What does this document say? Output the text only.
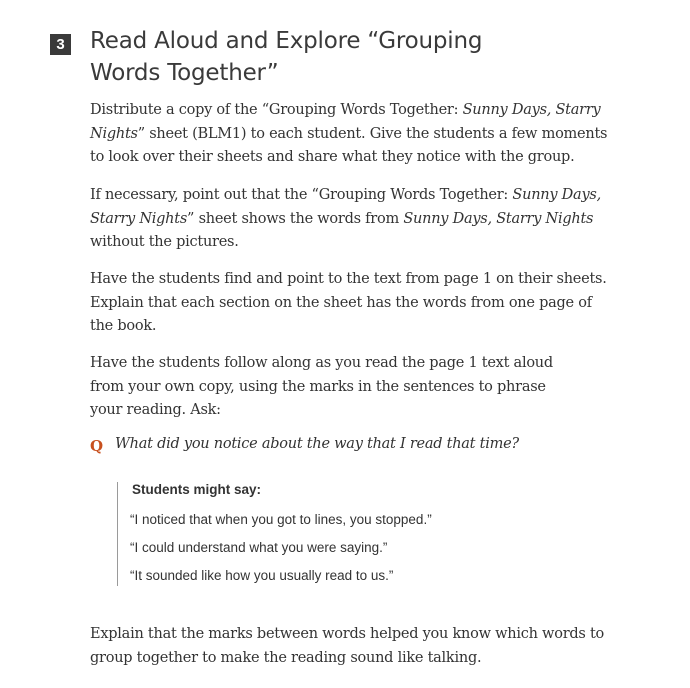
3 Read Aloud and Explore “Grouping
Words Together”

Distribute a copy of the “Grouping Words Together: Sunny Days, Starry
Nights” sheet (BLM1) to each student. Give the students a few moments
to look over their sheets and share what they notice with the group.

If necessary, point out that the “Grouping Words Together: Sunny Days,
Starry Nights” sheet shows the words from Sunny Days, Starry Nights
without the pictures.

Have the students find and point to the text from page 1 on their sheets.
Explain that each section on the sheet has the words from one page of
the book.

Have the students follow along as you read the page 1 text aloud
from your own copy, using the marks in the sentences to phrase
your reading. Ask:

Q What did you notice about the way that I read that time?
Students might say:
“I noticed that when you got to lines, you stopped.”
“I could understand what you were saying.”
“It sounded like how you usually read to us.”

Explain that the marks between words helped you know which words to
group together to make the reading sound like talking.
